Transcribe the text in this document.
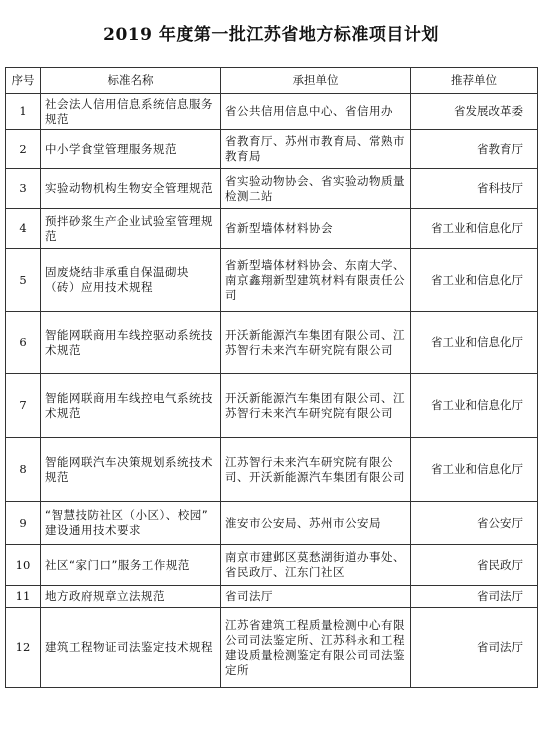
2019 年度第一批江苏省地方标准项目计划
序号	标准名称	承担单位	推荐单位
1	社会法人信用信息系统信息服务规范	省公共信用信息中心、省信用办	省发展改革委
2	中小学食堂管理服务规范	省教育厅、苏州市教育局、常熟市教育局	省教育厅
3	实验动物机构生物安全管理规范	省实验动物协会、省实验动物质量检测二站	省科技厅
4	预拌砂浆生产企业试验室管理规范	省新型墙体材料协会	省工业和信息化厅
5	固废烧结非承重自保温砌块（砖）应用技术规程	省新型墙体材料协会、东南大学、南京鑫翔新型建筑材料有限责任公司	省工业和信息化厅
6	智能网联商用车线控驱动系统技术规范	开沃新能源汽车集团有限公司、江苏智行未来汽车研究院有限公司	省工业和信息化厅
7	智能网联商用车线控电气系统技术规范	开沃新能源汽车集团有限公司、江苏智行未来汽车研究院有限公司	省工业和信息化厅
8	智能网联汽车决策规划系统技术规范	江苏智行未来汽车研究院有限公司、开沃新能源汽车集团有限公司	省工业和信息化厅
9	“智慧技防社区（小区）、校园” 建设通用技术要求	淮安市公安局、苏州市公安局	省公安厅
10	社区“家门口”服务工作规范	南京市建邺区莫愁湖街道办事处、省民政厅、江东门社区	省民政厅
11	地方政府规章立法规范	省司法厅	省司法厅
12	建筑工程物证司法鉴定技术规程	江苏省建筑工程质量检测中心有限公司司法鉴定所、江苏科永和工程建设质量检测鉴定有限公司司法鉴定所	省司法厅
